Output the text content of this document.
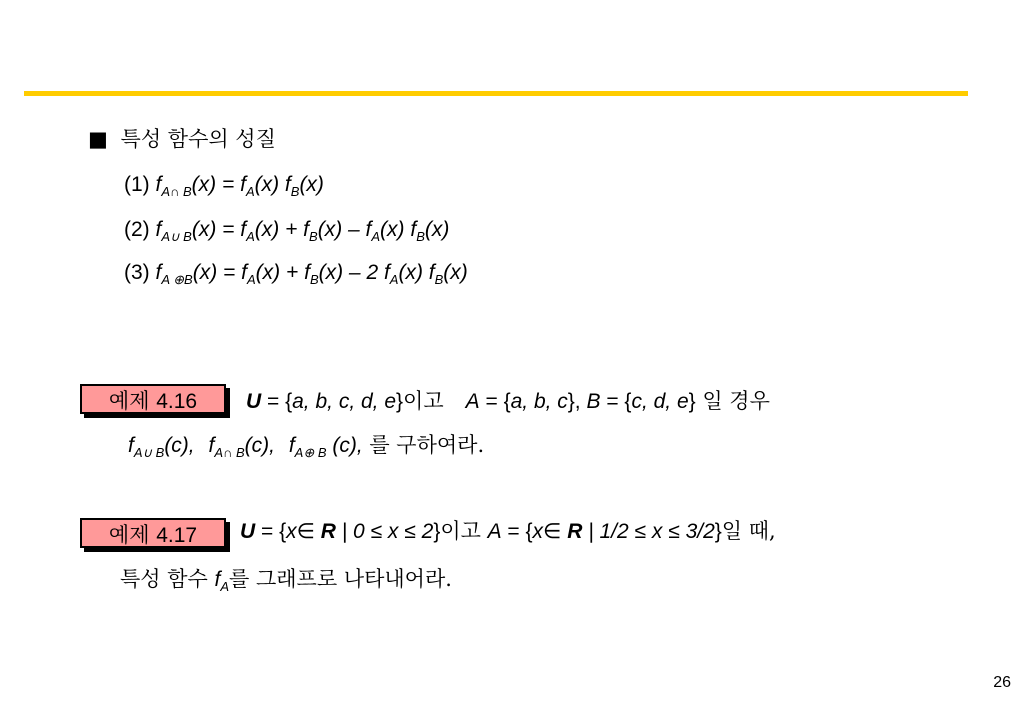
■ 특성 함수의 성질
(1) $f_{A\cap B}(x) = f_A(x)$ $f_B(x)$
(2) $f_{A\cup B}(x) = f_A(x) + f_B(x) - f_A(x)$ $f_B(x)$
(3) $f_{A \oplus B}(x) = f_A(x) + f_B(x) - 2$ $f_A(x)$ $f_B(x)$
예제 4.16	U = {a, b, c, d, e}이고 A = {a, b, c}, B = {c, d, e} 일 경우
$f_{A\cup B}(c)$, $f_{A\cap B}(c)$, $f_{A\oplus B}$ (c), 를 구하여라.
예제 4.17	U = {x∈ R | 0 ≤ x ≤ 2}이고 A = {x∈ R | 1/2 ≤ x ≤ 3/2}일 때,
특성 함수 $f_A$를 그래프로 나타내어라.
26
